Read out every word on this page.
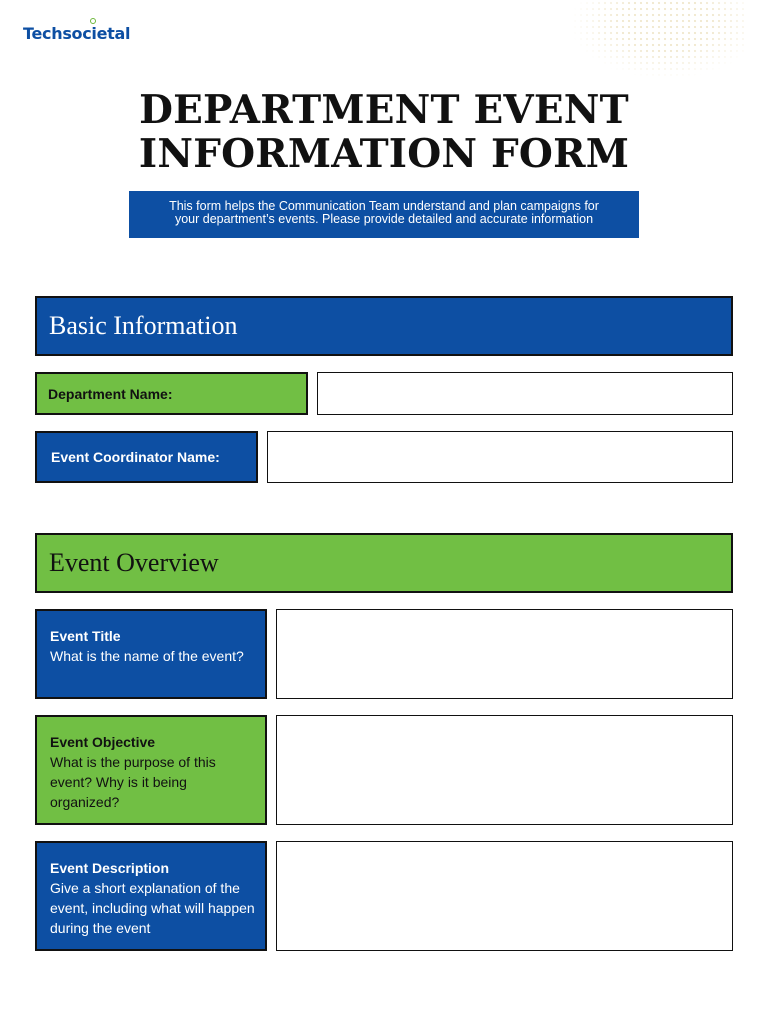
Techsoc
ietal
DEPARTMENT EVENT
INFORMATION FORM
This form helps the Communication Team understand and plan campaigns for
your department’s events. Please provide detailed and accurate information
Basic Information
Department Name:
Event Coordinator Name:
Event Overview
Event Title
What is the name of the event?
Event Objective
What is the purpose of this event? Why is it being organized?
Event Description
Give a short explanation of the event, including what will happen during the event
